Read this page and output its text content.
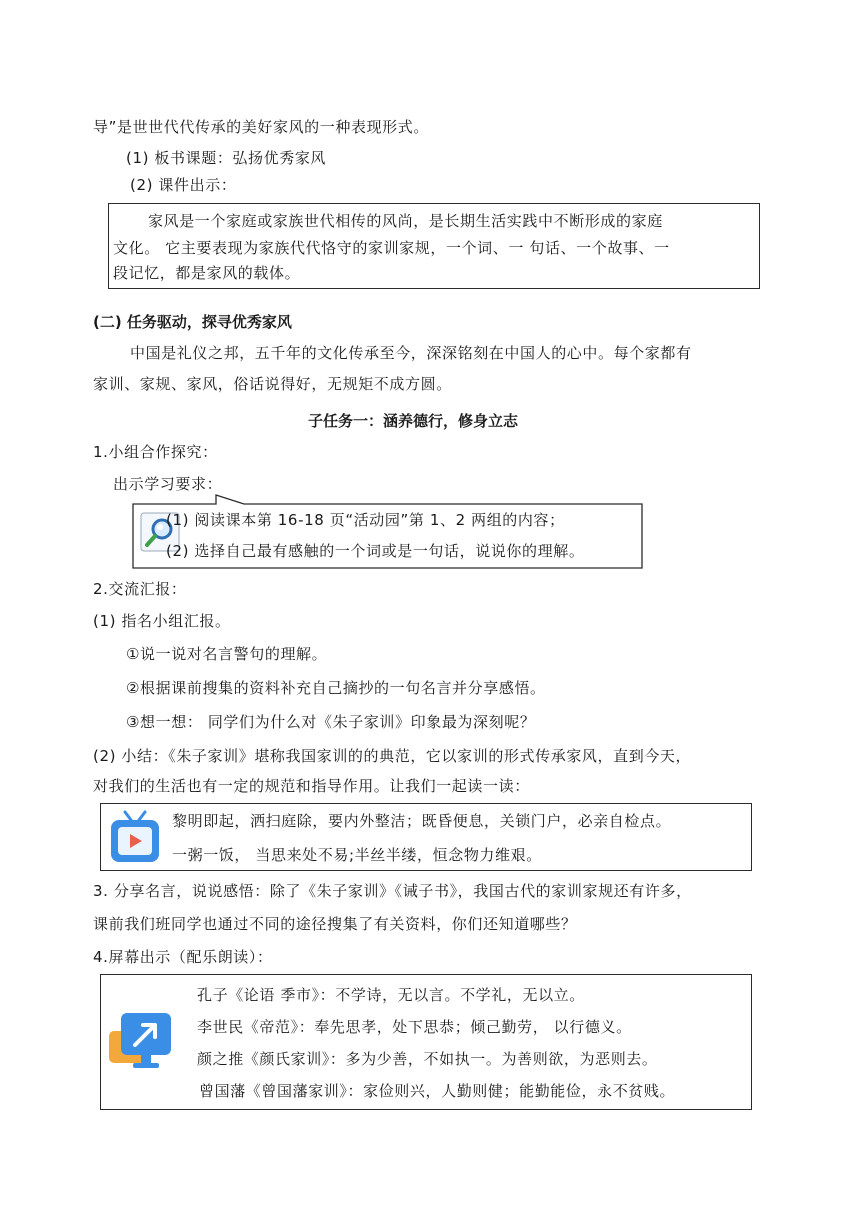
导”是世世代代传承的美好家风的一种表现形式。
(1) 板书课题：弘扬优秀家风
(2) 课件出示：
家风是一个家庭或家族世代相传的风尚，是长期生活实践中不断形成的家庭
文化。 它主要表现为家族代代恪守的家训家规，一个词、一 句话、一个故事、一
段记忆，都是家风的载体。
(二) 任务驱动，探寻优秀家风
中国是礼仪之邦，五千年的文化传承至今，深深铭刻在中国人的心中。每个家都有
家训、家规、家风，俗话说得好，无规矩不成方圆。
子任务一：涵养德行，修身立志
1.小组合作探究：
出示学习要求：
(1) 阅读课本第 16-18 页“活动园”第 1、2 两组的内容；
(2) 选择自己最有感触的一个词或是一句话，说说你的理解。
2.交流汇报：
(1) 指名小组汇报。
①说一说对名言警句的理解。
②根据课前搜集的资料补充自己摘抄的一句名言并分享感悟。
③想一想： 同学们为什么对《朱子家训》印象最为深刻呢？
(2) 小结：《朱子家训》堪称我国家训的的典范，它以家训的形式传承家风，直到今天，
对我们的生活也有一定的规范和指导作用。让我们一起读一读：
黎明即起，洒扫庭除，要内外整洁；既昏便息，关锁门户，必亲自检点。
一粥一饭， 当思来处不易;半丝半缕，恒念物力维艰。
3. 分享名言，说说感悟：除了《朱子家训》《诫子书》，我国古代的家训家规还有许多，
课前我们班同学也通过不同的途径搜集了有关资料，你们还知道哪些？
4.屏幕出示（配乐朗读）：
孔子《论语 季市》：不学诗，无以言。不学礼，无以立。
李世民《帝范》：奉先思孝，处下思恭；倾己勤劳， 以行德义。
颜之推《颜氏家训》：多为少善，不如执一。为善则欲，为恶则去。
曾国藩《曾国藩家训》：家俭则兴，人勤则健；能勤能俭，永不贫贱。
